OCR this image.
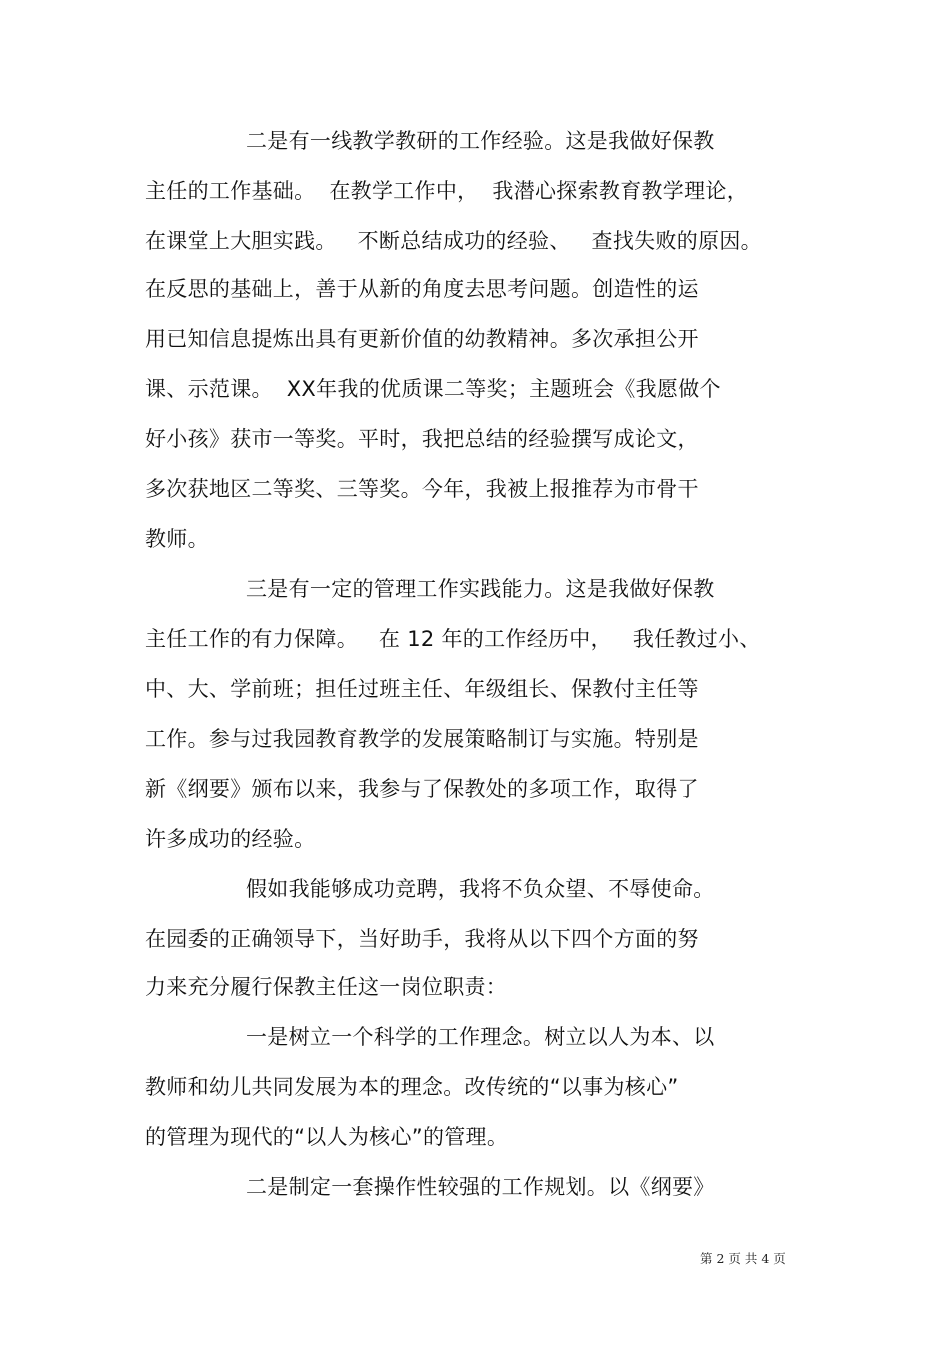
二是有一线教学教研的工作经验。这是我做好保教
主任的工作基础。  在教学工作中，  我潜心探索教育教学理论，
在课堂上大胆实践。   不断总结成功的经验、   查找失败的原因。
在反思的基础上，善于从新的角度去思考问题。创造性的运
用已知信息提炼出具有更新价值的幼教精神。多次承担公开
课、示范课。  XX年我的优质课二等奖；主题班会《我愿做个
好小孩》获市一等奖。平时，我把总结的经验撰写成论文，
多次获地区二等奖、三等奖。今年，我被上报推荐为市骨干
教师。
三是有一定的管理工作实践能力。这是我做好保教
主任工作的有力保障。   在 12 年的工作经历中，   我任教过小、
中、大、学前班；担任过班主任、年级组长、保教付主任等
工作。参与过我园教育教学的发展策略制订与实施。特别是
新《纲要》颁布以来，我参与了保教处的多项工作，取得了
许多成功的经验。
假如我能够成功竞聘，我将不负众望、不辱使命。
在园委的正确领导下，当好助手，我将从以下四个方面的努
力来充分履行保教主任这一岗位职责：
一是树立一个科学的工作理念。树立以人为本、以
教师和幼儿共同发展为本的理念。改传统的“以事为核心”
的管理为现代的“以人为核心”的管理。
二是制定一套操作性较强的工作规划。以《纲要》
第 2 页 共 4 页
